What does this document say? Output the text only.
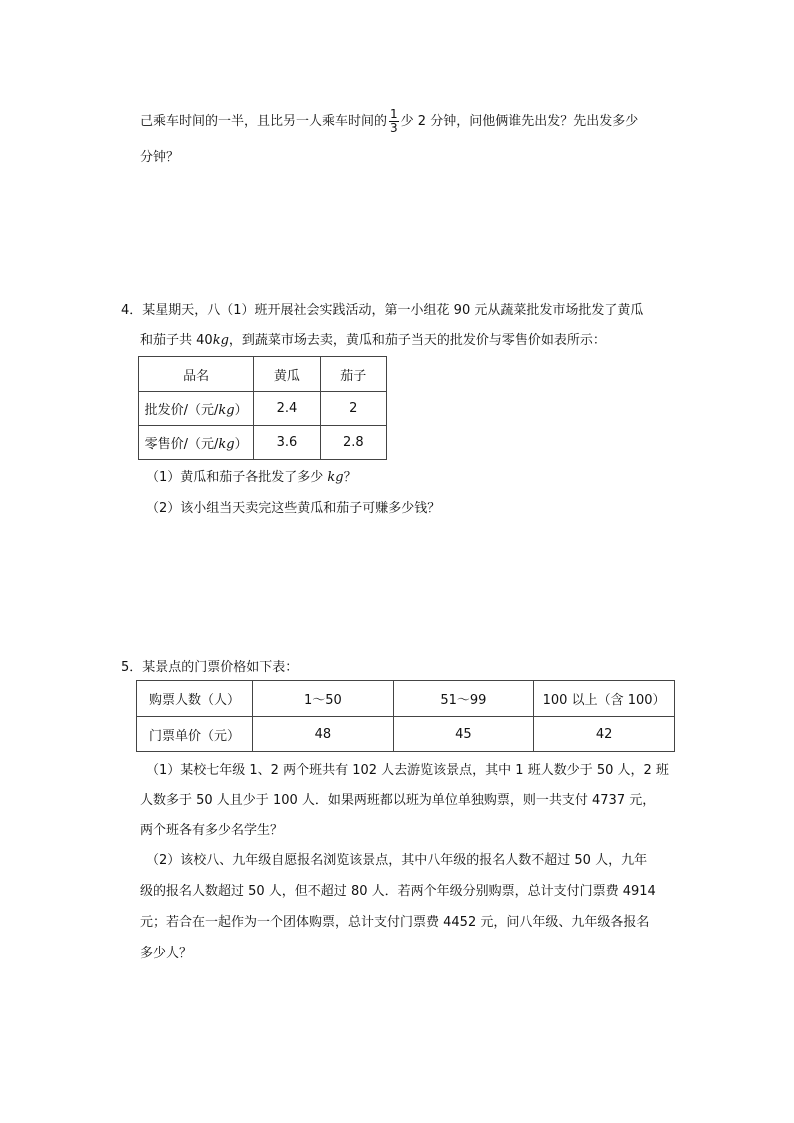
己乘车时间的一半，且比另一人乘车时间的 $\frac{1}{3}$ 少 2 分钟，问他俩谁先出发？先出发多少
分钟？
4．某星期天，八（1）班开展社会实践活动，第一小组花 90 元从蔬菜批发市场批发了黄瓜
和茄子共 40kg，到蔬菜市场去卖，黄瓜和茄子当天的批发价与零售价如表所示：
品名	黄瓜	茄子
批发价/（元/kg）	2.4	2
零售价/（元/kg）	3.6	2.8
（1）黄瓜和茄子各批发了多少 kg？
（2）该小组当天卖完这些黄瓜和茄子可赚多少钱？
5．某景点的门票价格如下表：
购票人数（人）	1～50	51～99	100 以上（含 100）
门票单价（元）	48	45	42
（1）某校七年级 1、2 两个班共有 102 人去游览该景点，其中 1 班人数少于 50 人，2 班
人数多于 50 人且少于 100 人．如果两班都以班为单位单独购票，则一共支付 4737 元，
两个班各有多少名学生？
（2）该校八、九年级自愿报名浏览该景点，其中八年级的报名人数不超过 50 人，九年
级的报名人数超过 50 人，但不超过 80 人．若两个年级分别购票，总计支付门票费 4914
元；若合在一起作为一个团体购票，总计支付门票费 4452 元，问八年级、九年级各报名
多少人？
